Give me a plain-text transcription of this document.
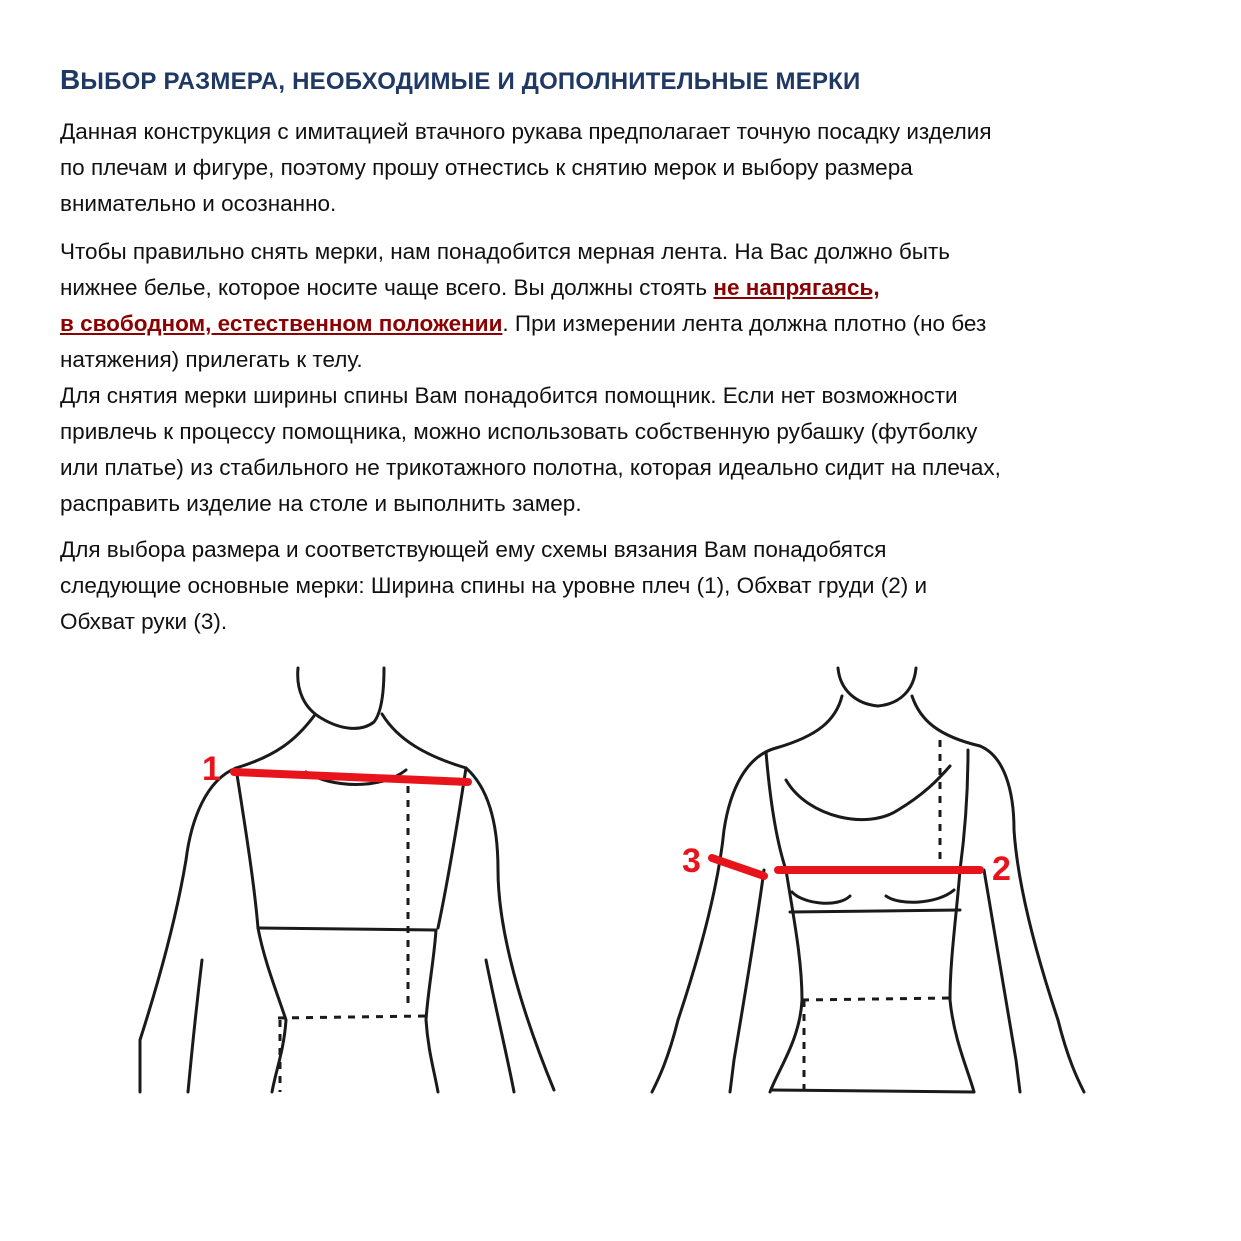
ВЫБОР РАЗМЕРА, НЕОБХОДИМЫЕ И ДОПОЛНИТЕЛЬНЫЕ МЕРКИ
Данная конструкция с имитацией втачного рукава предполагает точную посадку изделия
по плечам и фигуре, поэтому прошу отнестись к снятию мерок и выбору размера
внимательно и осознанно.
Чтобы правильно снять мерки, нам понадобится мерная лента. На Вас должно быть
нижнее белье, которое носите чаще всего. Вы должны стоять не напрягаясь,
в свободном, естественном положении. При измерении лента должна плотно (но без
натяжения) прилегать к телу.
Для снятия мерки ширины спины Вам понадобится помощник. Если нет возможности
привлечь к процессу помощника, можно использовать собственную рубашку (футболку
или платье) из стабильного не трикотажного полотна, которая идеально сидит на плечах,
расправить изделие на столе и выполнить замер.
Для выбора размера и соответствующей ему схемы вязания Вам понадобятся
следующие основные мерки: Ширина спины на уровне плеч (1), Обхват груди (2) и
Обхват руки (3).
1
2
3
